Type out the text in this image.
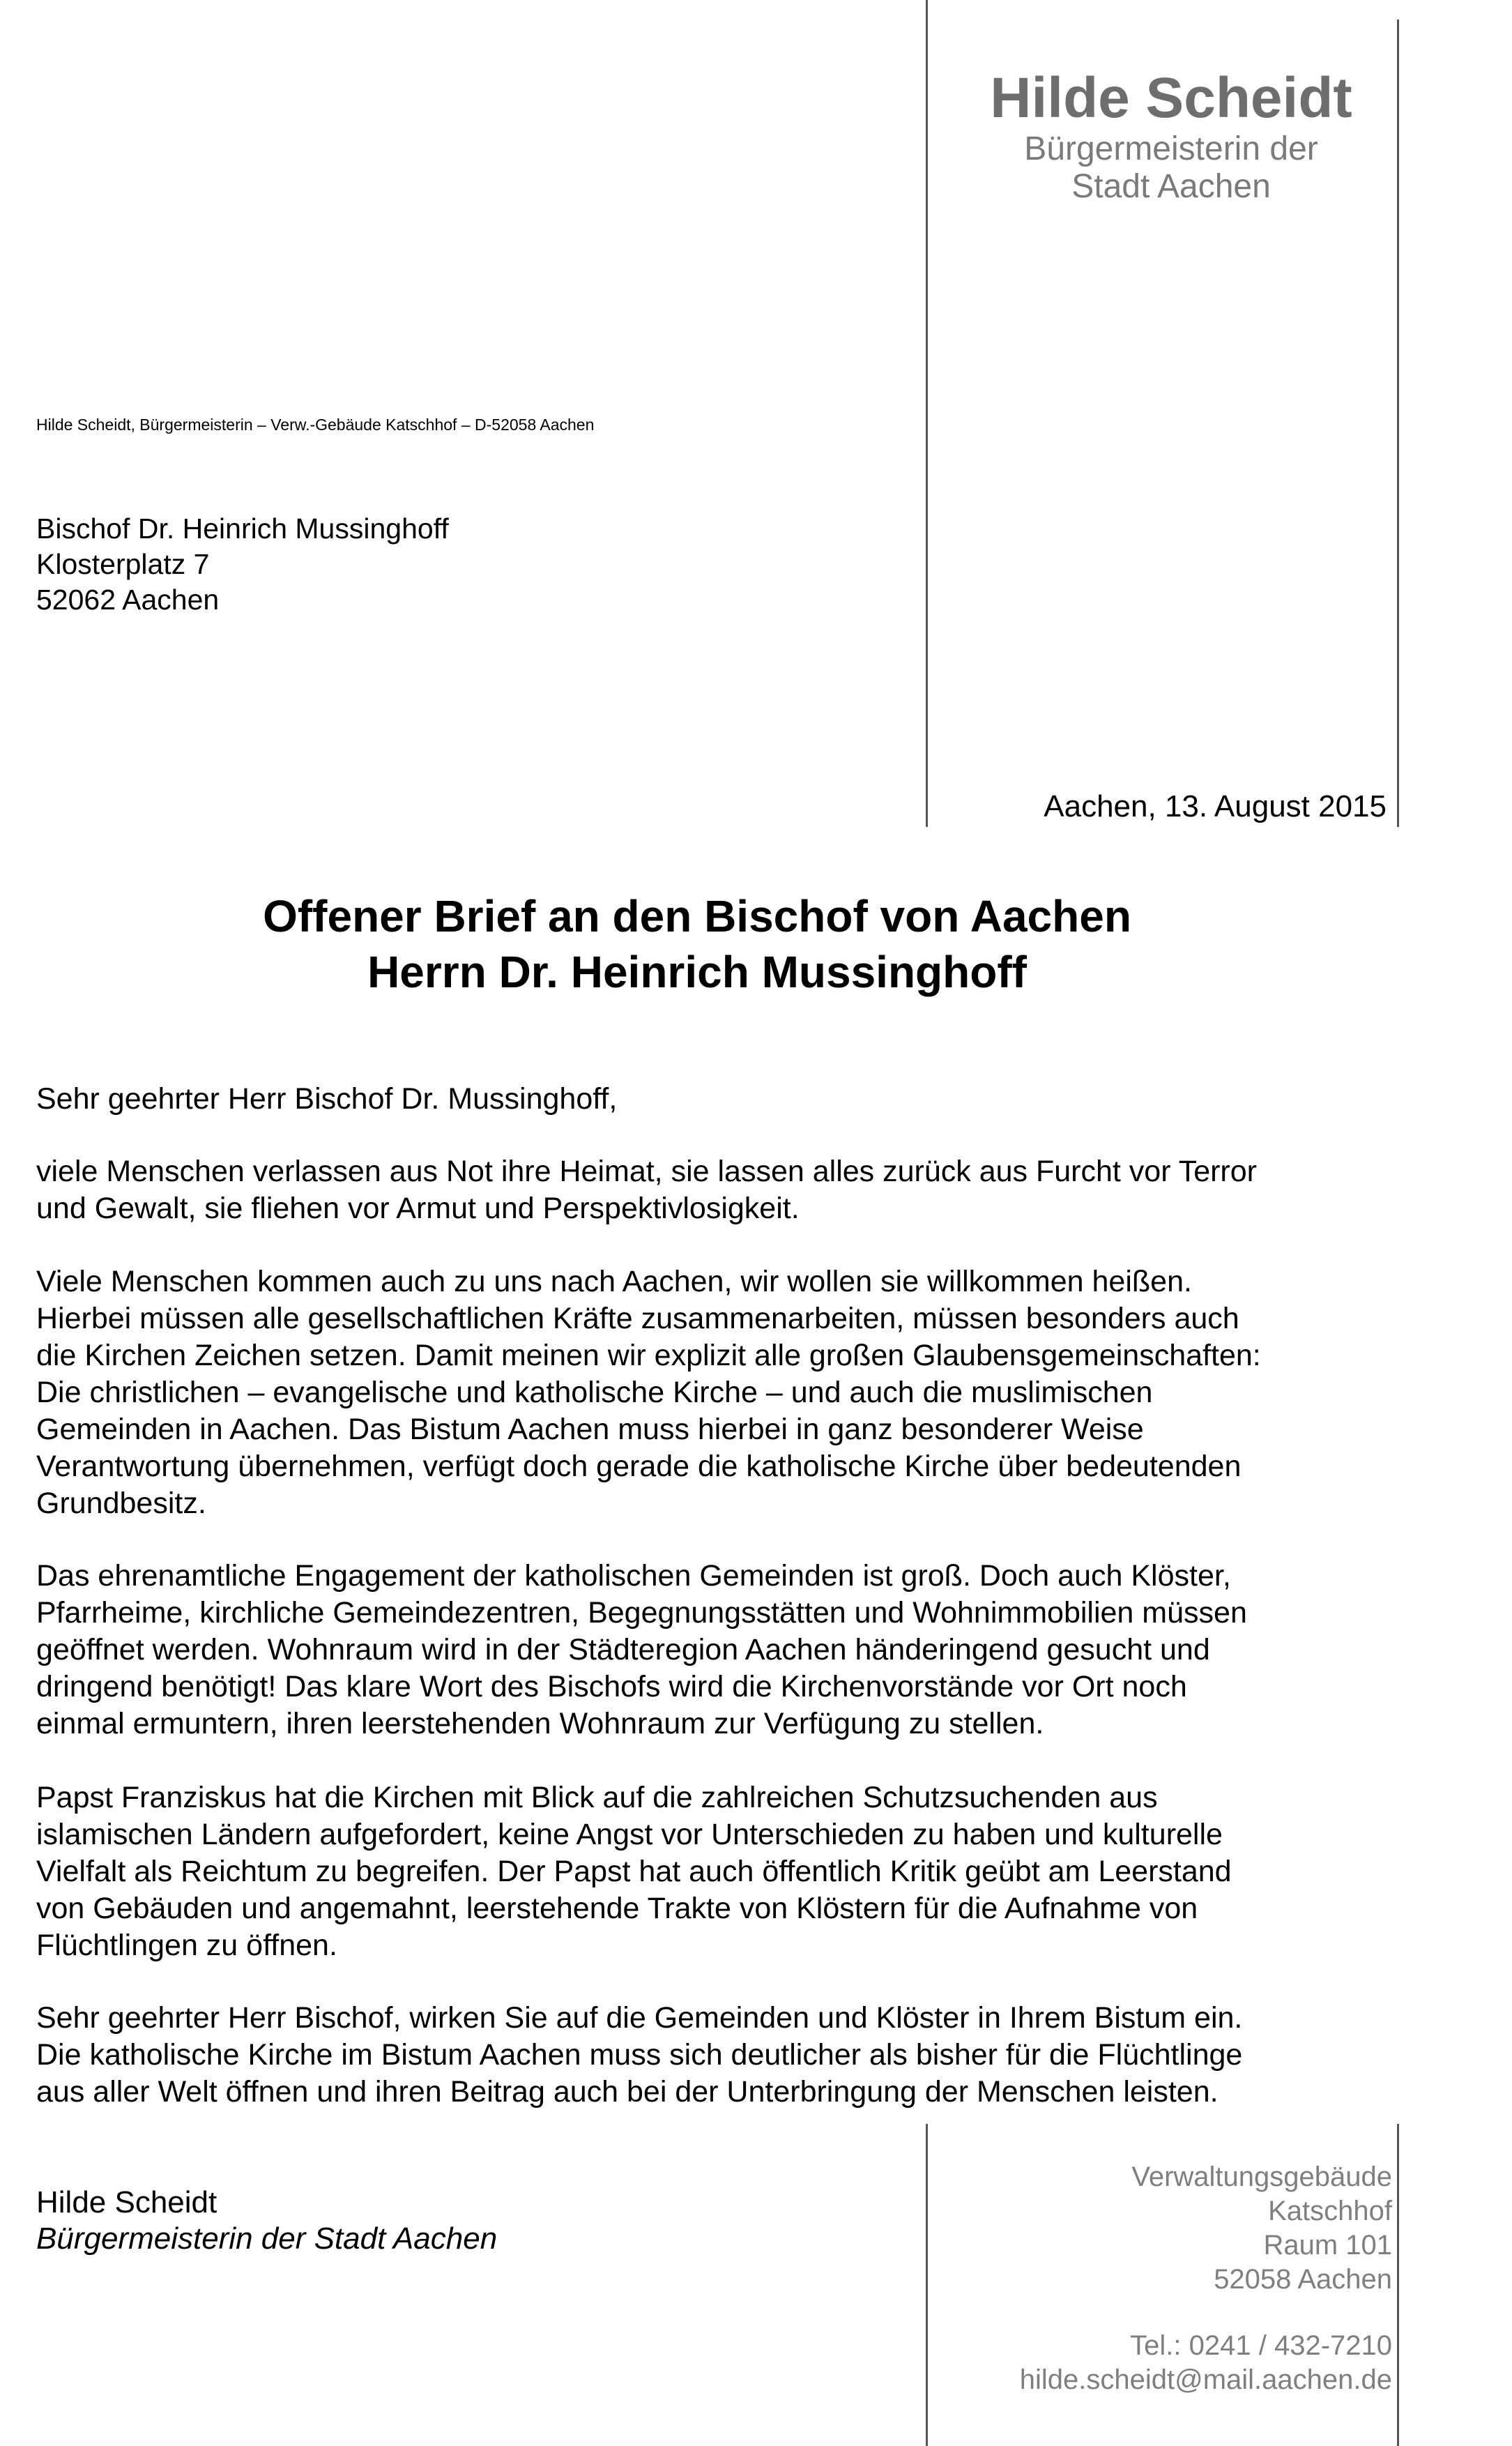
Hilde Scheidt
Bürgermeisterin der
Stadt Aachen
Hilde Scheidt, Bürgermeisterin – Verw.-Gebäude Katschhof – D-52058 Aachen
Bischof Dr. Heinrich Mussinghoff
Klosterplatz 7
52062 Aachen
Aachen, 13. August 2015
Offener Brief an den Bischof von Aachen
Herrn Dr. Heinrich Mussinghoff
Sehr geehrter Herr Bischof Dr. Mussinghoff,
viele Menschen verlassen aus Not ihre Heimat, sie lassen alles zurück aus Furcht vor Terror
und Gewalt, sie fliehen vor Armut und Perspektivlosigkeit.
Viele Menschen kommen auch zu uns nach Aachen, wir wollen sie willkommen heißen.
Hierbei müssen alle gesellschaftlichen Kräfte zusammenarbeiten, müssen besonders auch
die Kirchen Zeichen setzen. Damit meinen wir explizit alle großen Glaubensgemeinschaften:
Die christlichen – evangelische und katholische Kirche – und auch die muslimischen
Gemeinden in Aachen. Das Bistum Aachen muss hierbei in ganz besonderer Weise
Verantwortung übernehmen, verfügt doch gerade die katholische Kirche über bedeutenden
Grundbesitz.
Das ehrenamtliche Engagement der katholischen Gemeinden ist groß. Doch auch Klöster,
Pfarrheime, kirchliche Gemeindezentren, Begegnungsstätten und Wohnimmobilien müssen
geöffnet werden. Wohnraum wird in der Städteregion Aachen händeringend gesucht und
dringend benötigt! Das klare Wort des Bischofs wird die Kirchenvorstände vor Ort noch
einmal ermuntern, ihren leerstehenden Wohnraum zur Verfügung zu stellen.
Papst Franziskus hat die Kirchen mit Blick auf die zahlreichen Schutzsuchenden aus
islamischen Ländern aufgefordert, keine Angst vor Unterschieden zu haben und kulturelle
Vielfalt als Reichtum zu begreifen. Der Papst hat auch öffentlich Kritik geübt am Leerstand
von Gebäuden und angemahnt, leerstehende Trakte von Klöstern für die Aufnahme von
Flüchtlingen zu öffnen.
Sehr geehrter Herr Bischof, wirken Sie auf die Gemeinden und Klöster in Ihrem Bistum ein.
Die katholische Kirche im Bistum Aachen muss sich deutlicher als bisher für die Flüchtlinge
aus aller Welt öffnen und ihren Beitrag auch bei der Unterbringung der Menschen leisten.
Hilde Scheidt
Bürgermeisterin der Stadt Aachen
Verwaltungsgebäude
Katschhof
Raum 101
52058 Aachen
Tel.: 0241 / 432-7210
hilde.scheidt@mail.aachen.de
